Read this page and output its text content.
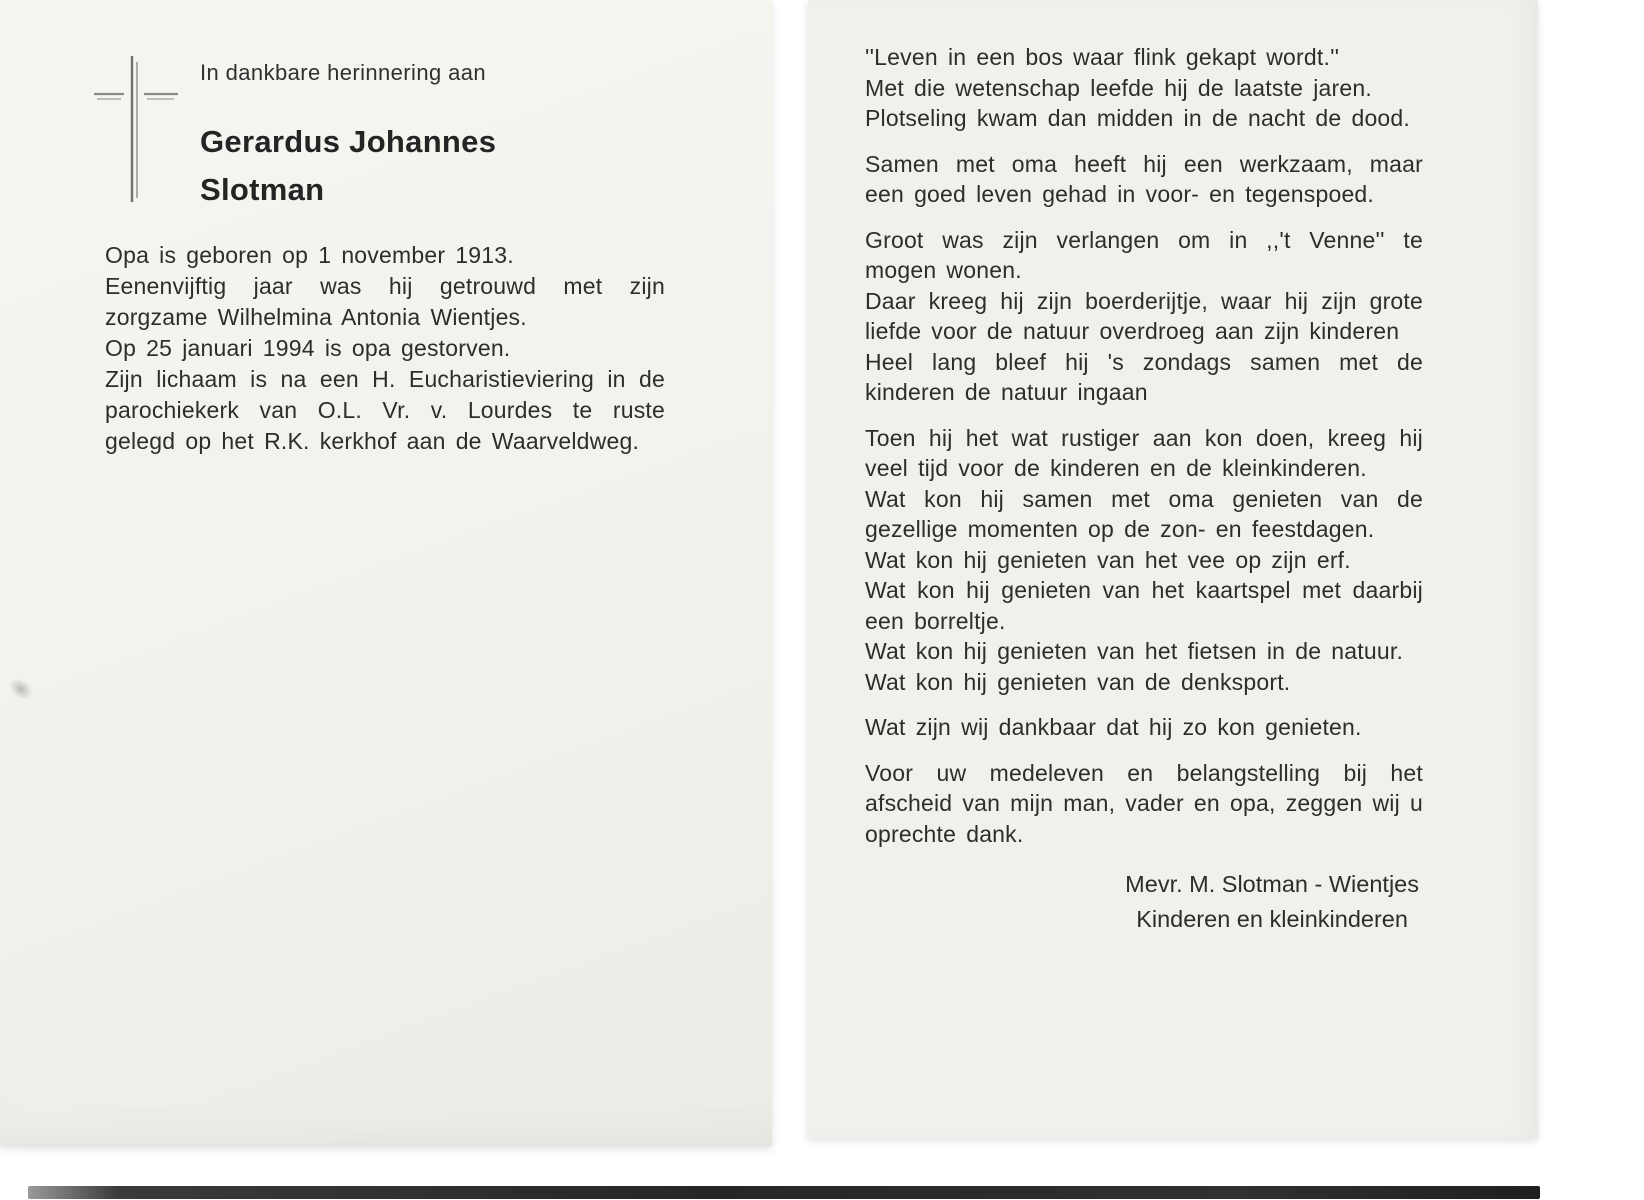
In dankbare herinnering aan

Gerardus Johannes
Slotman

Opa is geboren op 1 november 1913.

Eenenvijftig jaar was hij getrouwd met zijn zorgzame Wilhelmina Antonia Wientjes.

Op 25 januari 1994 is opa gestorven.

Zijn lichaam is na een H. Eucharistieviering in de parochiekerk van O.L. Vr. v. Lourdes te ruste gelegd op het R.K. kerkhof aan de Waarveldweg.

''Leven in een bos waar flink gekapt wordt.''

Met die wetenschap leefde hij de laatste jaren.

Plotseling kwam dan midden in de nacht de dood.

Samen met oma heeft hij een werkzaam, maar een goed leven gehad in voor- en tegenspoed.

Groot was zijn verlangen om in ,,'t Venne'' te mogen wonen.

Daar kreeg hij zijn boerderijtje, waar hij zijn grote liefde voor de natuur overdroeg aan zijn kinderen

Heel lang bleef hij 's zondags samen met de kinderen de natuur ingaan

Toen hij het wat rustiger aan kon doen, kreeg hij veel tijd voor de kinderen en de kleinkinderen.

Wat kon hij samen met oma genieten van de gezellige momenten op de zon- en feestdagen.

Wat kon hij genieten van het vee op zijn erf.

Wat kon hij genieten van het kaartspel met daarbij een borreltje.

Wat kon hij genieten van het fietsen in de natuur.

Wat kon hij genieten van de denksport.

Wat zijn wij dankbaar dat hij zo kon genieten.

Voor uw medeleven en belangstelling bij het afscheid van mijn man, vader en opa, zeggen wij u oprechte dank.

Mevr. M. Slotman - Wientjes
Kinderen en kleinkinderen
